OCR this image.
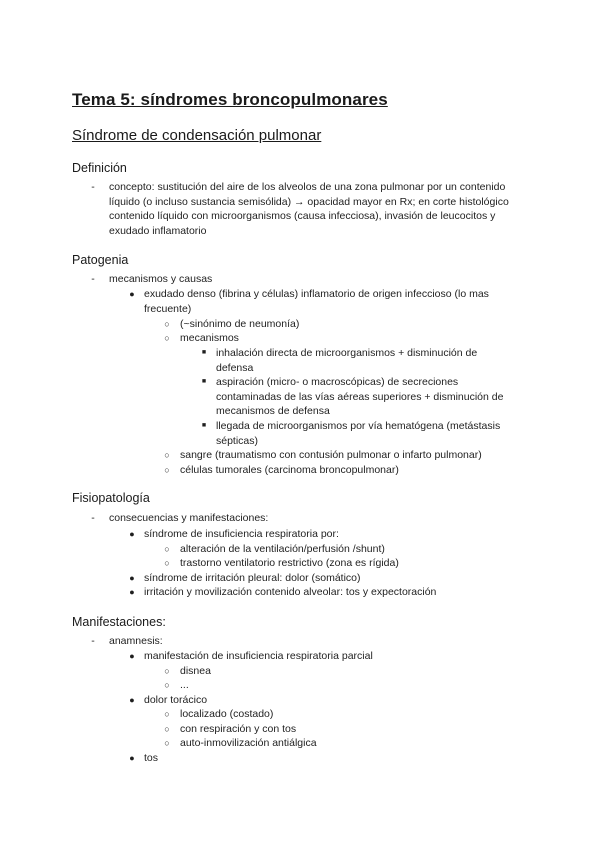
Tema 5: síndromes broncopulmonares
Síndrome de condensación pulmonar
Definición
-	concepto: sustitución del aire de los alveolos de una zona pulmonar por un contenido líquido (o incluso sustancia semisólida) → opacidad mayor en Rx; en corte histológico contenido líquido con microorganismos (causa infecciosa), invasión de leucocitos y exudado inflamatorio
Patogenia
-	mecanismos y causas
● exudado denso (fibrina y células) inflamatorio de origen infeccioso (lo mas frecuente)
○ (~sinónimo de neumonía)
○ mecanismos
■ inhalación directa de microorganismos + disminución de defensa
■ aspiración (micro- o macroscópicas) de secreciones contaminadas de las vías aéreas superiores + disminución de mecanismos de defensa
■ llegada de microorganismos por vía hematógena (metástasis sépticas)
○ sangre (traumatismo con contusión pulmonar o infarto pulmonar)
○ células tumorales (carcinoma broncopulmonar)
Fisiopatología
-	consecuencias y manifestaciones:
● síndrome de insuficiencia respiratoria por:
○ alteración de la ventilación/perfusión /shunt)
○ trastorno ventilatorio restrictivo (zona es rígida)
● síndrome de irritación pleural: dolor (somático)
● irritación y movilización contenido alveolar: tos y expectoración
Manifestaciones:
-	anamnesis:
● manifestación de insuficiencia respiratoria parcial
○ disnea
○ ...
● dolor torácico
○ localizado (costado)
○ con respiración y con tos
○ auto-inmovilización antiálgica
● tos
